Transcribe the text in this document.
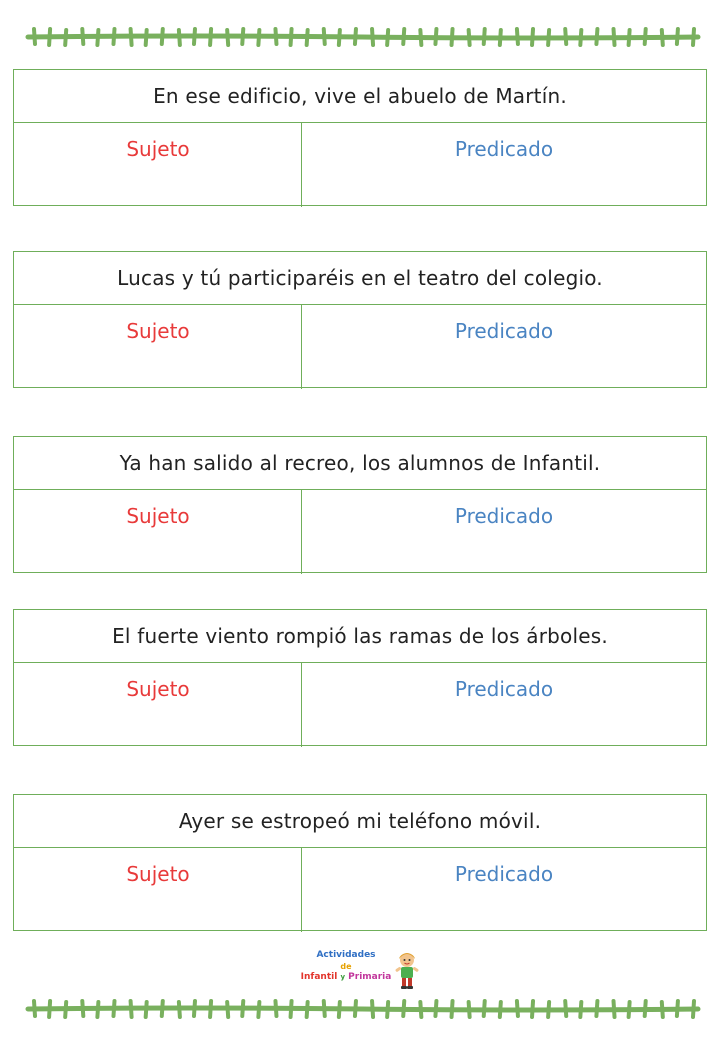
En ese edificio, vive el abuelo de Martín.
Sujeto	Predicado
Lucas y tú participaréis en el teatro del colegio.
Sujeto	Predicado
Ya han salido al recreo, los alumnos de Infantil.
Sujeto	Predicado
El fuerte viento rompió las ramas de los árboles.
Sujeto	Predicado
Ayer se estropeó mi teléfono móvil.
Sujeto	Predicado
Actividades
de
Infantil y Primaria
